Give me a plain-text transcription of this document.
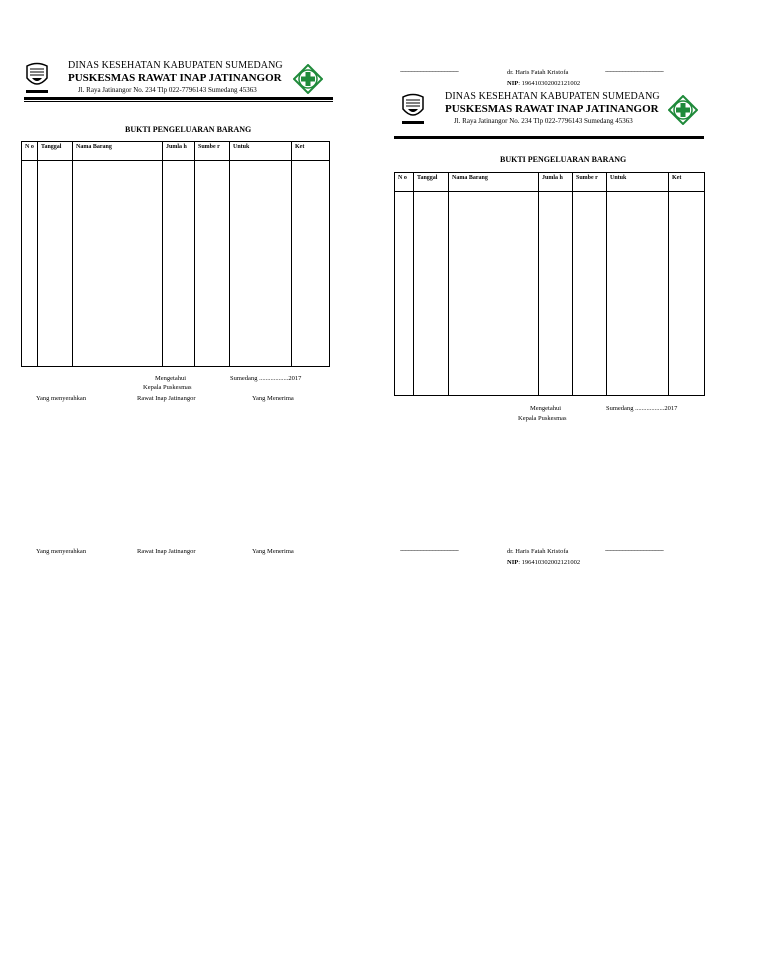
DINAS KESEHATAN KABUPATEN SUMEDANG
PUSKESMAS RAWAT INAP JATINANGOR
Jl. Raya Jatinangor No. 234 Tlp 022-7796143 Sumedang 45363
BUKTI PENGELUARAN BARANG
N o	Tanggal	Nama Barang	Jumla h	Sumbe r	Untuk	Ket

Mengetahui	Sumedang ..................2017
Kepala Puskesmas
Yang menyerahkan	Rawat Inap Jatinangor	Yang Menerima
Yang menyerahkan	Rawat Inap Jatinangor	Yang Menerima
---------------------------------------	dr. Haris Fatah Kristofa	---------------------------------------
NIP: 196410302002121002
DINAS KESEHATAN KABUPATEN SUMEDANG
PUSKESMAS RAWAT INAP JATINANGOR
Jl. Raya Jatinangor No. 234 Tlp 022-7796143 Sumedang 45363
BUKTI PENGELUARAN BARANG
N o	Tanggal	Nama Barang	Jumla h	Sumbe r	Untuk	Ket

Mengetahui	Sumedang ..................2017
Kepala Puskesmas
---------------------------------------	dr. Haris Fatah Kristofa	---------------------------------------
NIP: 196410302002121002
